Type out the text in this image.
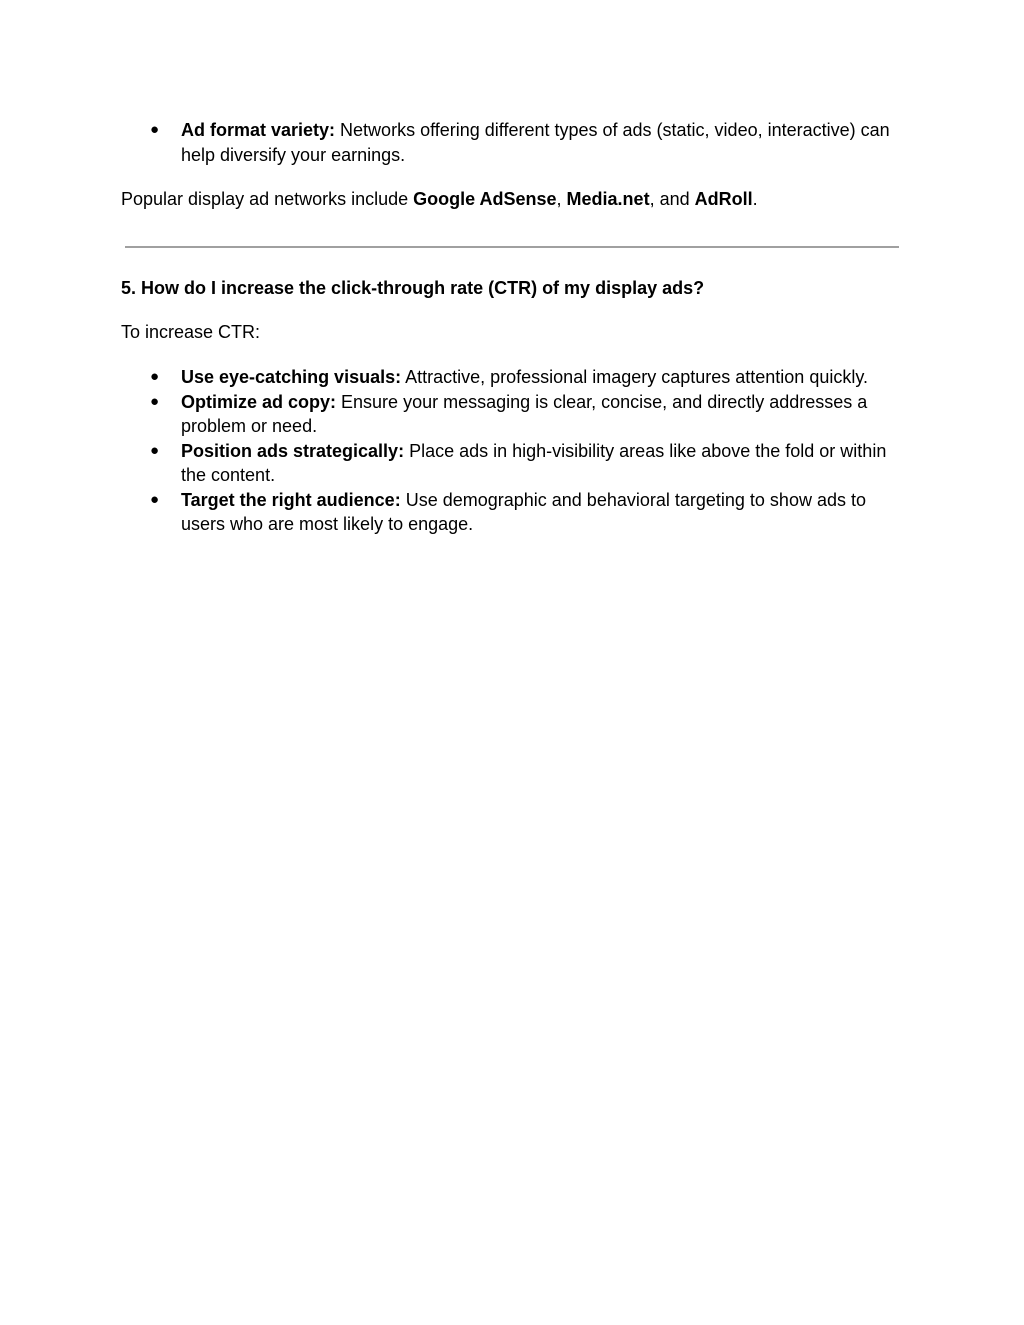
● Ad format variety: Networks offering different types of ads (static, video, interactive) can help diversify your earnings.

Popular display ad networks include Google AdSense, Media.net, and AdRoll.

5. How do I increase the click-through rate (CTR) of my display ads?

To increase CTR:

● Use eye-catching visuals: Attractive, professional imagery captures attention quickly.
● Optimize ad copy: Ensure your messaging is clear, concise, and directly addresses a problem or need.
● Position ads strategically: Place ads in high-visibility areas like above the fold or within the content.
● Target the right audience: Use demographic and behavioral targeting to show ads to users who are most likely to engage.
